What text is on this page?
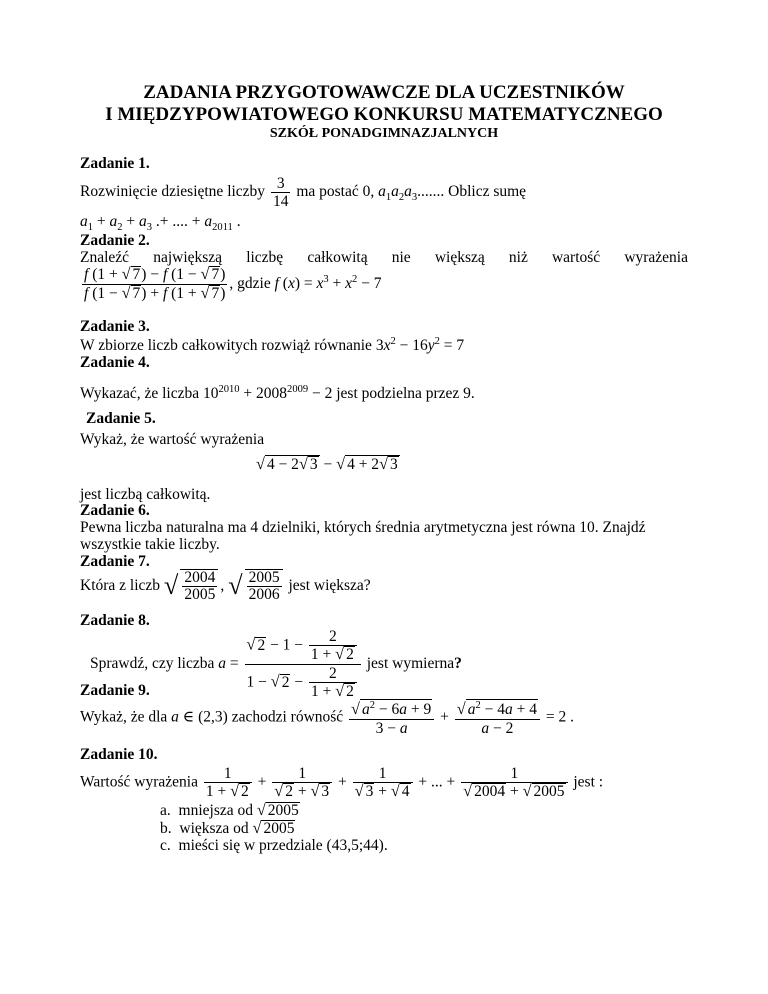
ZADANIA PRZYGOTOWAWCZE DLA UCZESTNIKÓW
I MIĘDZYPOWIATOWEGO KONKURSU MATEMATYCZNEGO
SZKÓŁ PONADGIMNAZJALNYCH
Zadanie 1.
Rozwinięcie dziesiętne liczby $\frac{3}{14}$ ma postać 0, $a_1a_2a_3$....... Oblicz sumę
$a_1 + a_2 + a_3$ .+ .... + $a_{2011}$ .
Zadanie 2.
Znaleźć największą liczbę całkowitą nie większą niż wartość wyrażenia
$\frac{f (1 + √ 7) - f (1 - √ 7)}{f (1 - √ 7) + f (1 + √ 7)}$ , gdzie f $(x) = x^3 + x^2 - 7$
Zadanie 3.
W zbiorze liczb całkowitych rozwiąż równanie $3x^2 - 16y^2 = 7$
Zadanie 4.
Wykazać, że liczba $10^{2010} + 2008^{2009} - 2$ jest podzielna przez 9.
Zadanie 5.
Wykaż, że wartość wyrażenia
√ 4 − 2√ 3 − √ 4 + 2√ 3
jest liczbą całkowitą.
Zadanie 6.
Pewna liczba naturalna ma 4 dzielniki, których średnia arytmetyczna jest równa 10. Znajdź
wszystkie takie liczby.
Zadanie 7.
Która z liczb √ $\frac{2004}{2005}$ , √ $\frac{2005}{2006}$ jest większa?
Zadanie 8.
Sprawdź, czy liczba $a = \frac{√ 2 - 1 - \frac{2}{1 + √ 2}}{1 - √ 2 - \frac{2}{1 + √ 2}}$ jest wymierna?
Zadanie 9.
Wykaż, że dla a ∈ (2,3) zachodzi równość $\frac{√ a^2 - 6a + 9}{3 - a} + \frac{√ a^2 - 4a + 4}{a - 2} = 2$ .
Zadanie 10.
Wartość wyrażenia $\frac{1}{1 + √ 2} + \frac{1}{√ 2 + √ 3} + \frac{1}{√ 3 + √ 4}$ + ... + $\frac{1}{√ 2004 + √ 2005}$ jest :
a. mniejsza od √ 2005
b. większa od √ 2005
c. mieści się w przedziale (43,5;44).
